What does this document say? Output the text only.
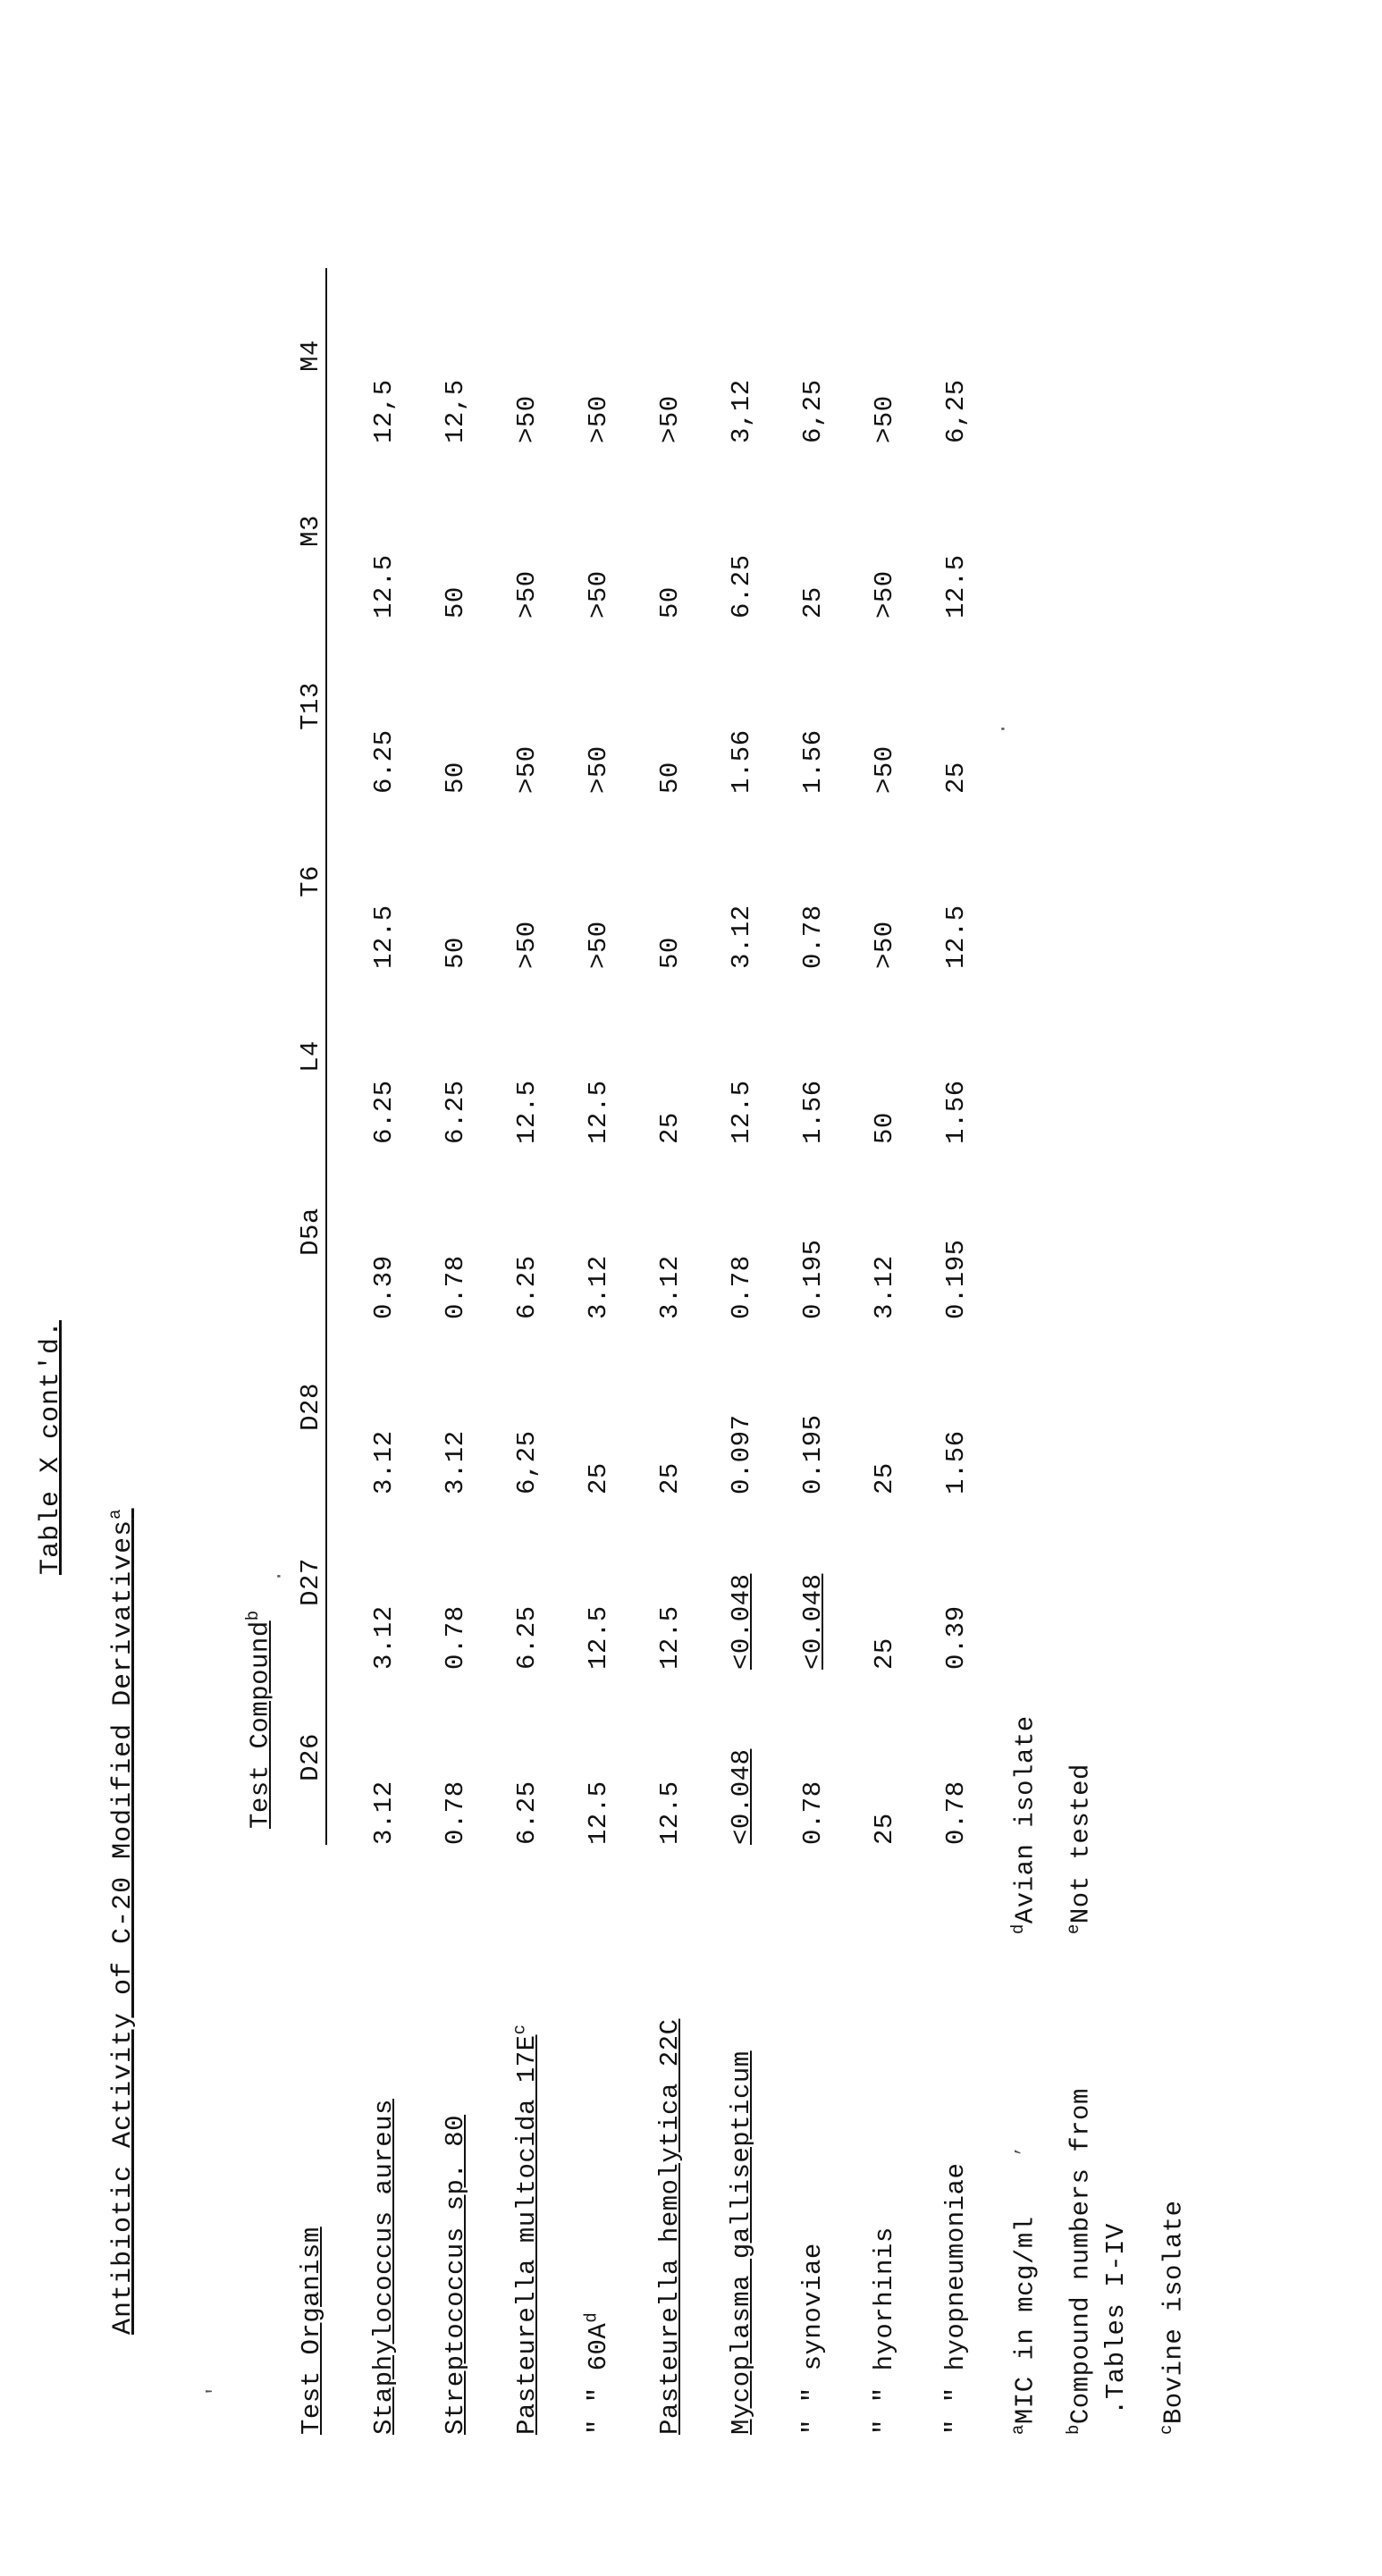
Table X cont'd.
Antibiotic Activity of C-20 Modified Derivatives$^a$
'
·
·
,
	Test Compound$^b$
Test Organism	D26	D27	D28	D5a	L4	T6	T13	M3	M4
Staphylococcus aureus	3.12	3.12	3.12	0.39	6.25	12.5	6.25	12.5	12,5
Streptococcus sp. 80	0.78	0.78	3.12	0.78	6.25	50	50	50	12,5
Pasteurella multocida $17E^c$	6.25	6.25	6,25	6.25	12.5	>50	>50	>50	>50
" " $60A^d$	12.5	12.5	25	3.12	12.5	>50	>50	>50	>50
Pasteurella hemolytica 22C	12.5	12.5	25	3.12	25	50	50	50	>50
Mycoplasma gallisepticum	<0.048	<0.048	0.097	0.78	12.5	3.12	1.56	6.25	3,12
" " synoviae	0.78	<0.048	0.195	0.195	1.56	0.78	1.56	25	6,25
" " hyorhinis	25	25	25	3.12	50	>50	>50	>50	>50
" " hyopneumoniae	0.78	0.39	1.56	0.195	1.56	12.5	25	12.5	6,25
$^a$MIC in mcg/ml
$^b$Compound numbers from .Tables I-IV
$^c$Bovine isolate
$^d$Avian isolate
$^e$Not tested
